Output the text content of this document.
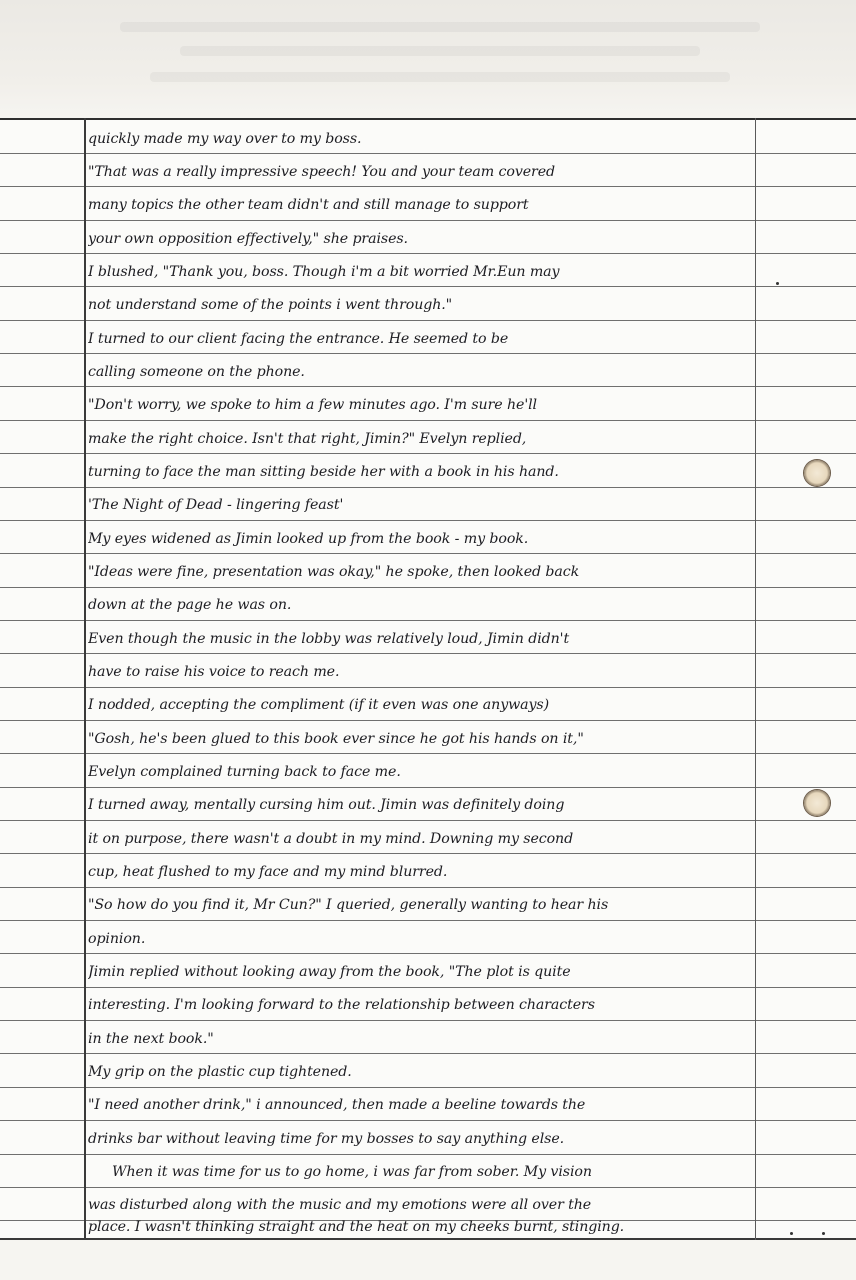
quickly made my way over to my boss.
"That was a really impressive speech! You and your team covered
many topics the other team didn't and still manage to support
your own opposition effectively," she praises.
I blushed, "Thank you, boss. Though i'm a bit worried Mr.Eun may
not understand some of the points i went through."
I turned to our client facing the entrance. He seemed to be
calling someone on the phone.
"Don't worry, we spoke to him a few minutes ago. I'm sure he'll
make the right choice. Isn't that right, Jimin?" Evelyn replied,
turning to face the man sitting beside her with a book in his hand.
'The Night of Dead - lingering feast'
My eyes widened as Jimin looked up from the book - my book.
"Ideas were fine, presentation was okay," he spoke, then looked back
down at the page he was on.
Even though the music in the lobby was relatively loud, Jimin didn't
have to raise his voice to reach me.
I nodded, accepting the compliment (if it even was one anyways)
"Gosh, he's been glued to this book ever since he got his hands on it,"
Evelyn complained turning back to face me.
I turned away, mentally cursing him out. Jimin was definitely doing
it on purpose, there wasn't a doubt in my mind. Downing my second
cup, heat flushed to my face and my mind blurred.
"So how do you find it, Mr Cun?" I queried, generally wanting to hear his
opinion.
Jimin replied without looking away from the book, "The plot is quite
interesting. I'm looking forward to the relationship between characters
in the next book."
My grip on the plastic cup tightened.
"I need another drink," i announced, then made a beeline towards the
drinks bar without leaving time for my bosses to say anything else.
When it was time for us to go home, i was far from sober. My vision
was disturbed along with the music and my emotions were all over the
place. I wasn't thinking straight and the heat on my cheeks burnt, stinging.
